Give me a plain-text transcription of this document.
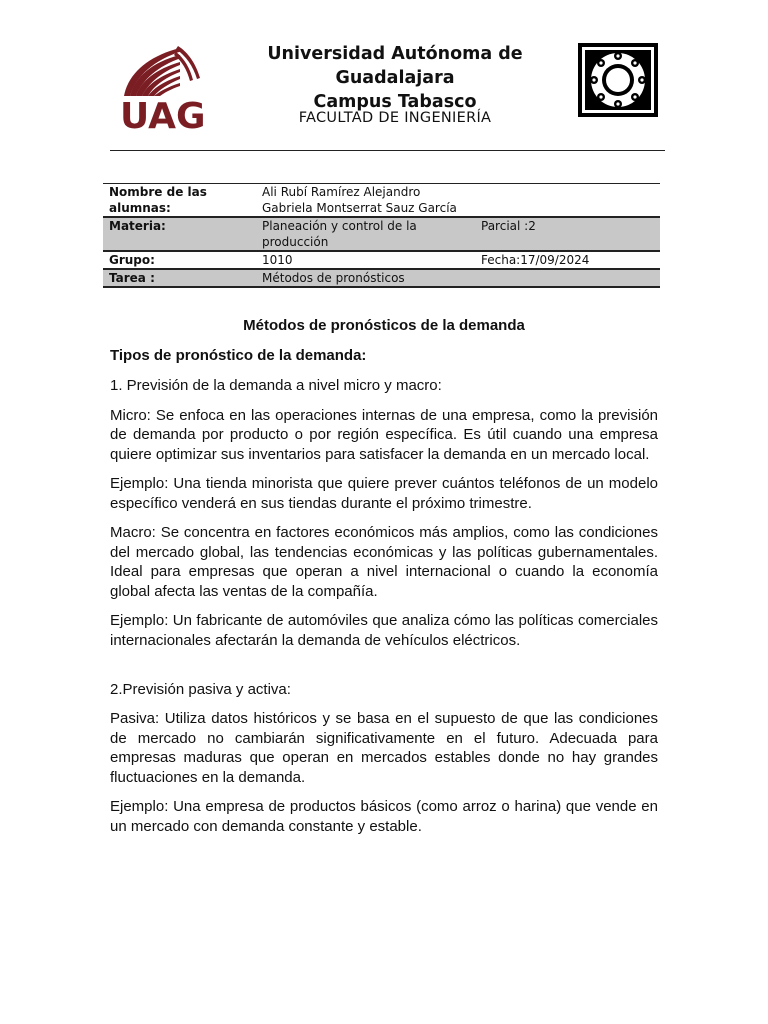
UAG
Universidad Autónoma de Guadalajara
Campus Tabasco
FACULTAD DE INGENIERÍA
Nombre de las alumnas:	Ali Rubí Ramírez Alejandro
Gabriela Montserrat Sauz García	
Materia:	Planeación y control de la producción	Parcial :2
Grupo:	1010	Fecha:17/09/2024
Tarea :	Métodos de pronósticos	
Métodos de pronósticos de la demanda
Tipos de pronóstico de la demanda:

1. Previsión de la demanda a nivel micro y macro:

Micro: Se enfoca en las operaciones internas de una empresa, como la previsión de demanda por producto o por región específica. Es útil cuando una empresa quiere optimizar sus inventarios para satisfacer la demanda en un mercado local.

Ejemplo: Una tienda minorista que quiere prever cuántos teléfonos de un modelo específico venderá en sus tiendas durante el próximo trimestre.

Macro: Se concentra en factores económicos más amplios, como las condiciones del mercado global, las tendencias económicas y las políticas gubernamentales. Ideal para empresas que operan a nivel internacional o cuando la economía global afecta las ventas de la compañía.

Ejemplo: Un fabricante de automóviles que analiza cómo las políticas comerciales internacionales afectarán la demanda de vehículos eléctricos.

2.Previsión pasiva y activa:

Pasiva: Utiliza datos históricos y se basa en el supuesto de que las condiciones de mercado no cambiarán significativamente en el futuro. Adecuada para empresas maduras que operan en mercados estables donde no hay grandes fluctuaciones en la demanda.

Ejemplo: Una empresa de productos básicos (como arroz o harina) que vende en un mercado con demanda constante y estable.
